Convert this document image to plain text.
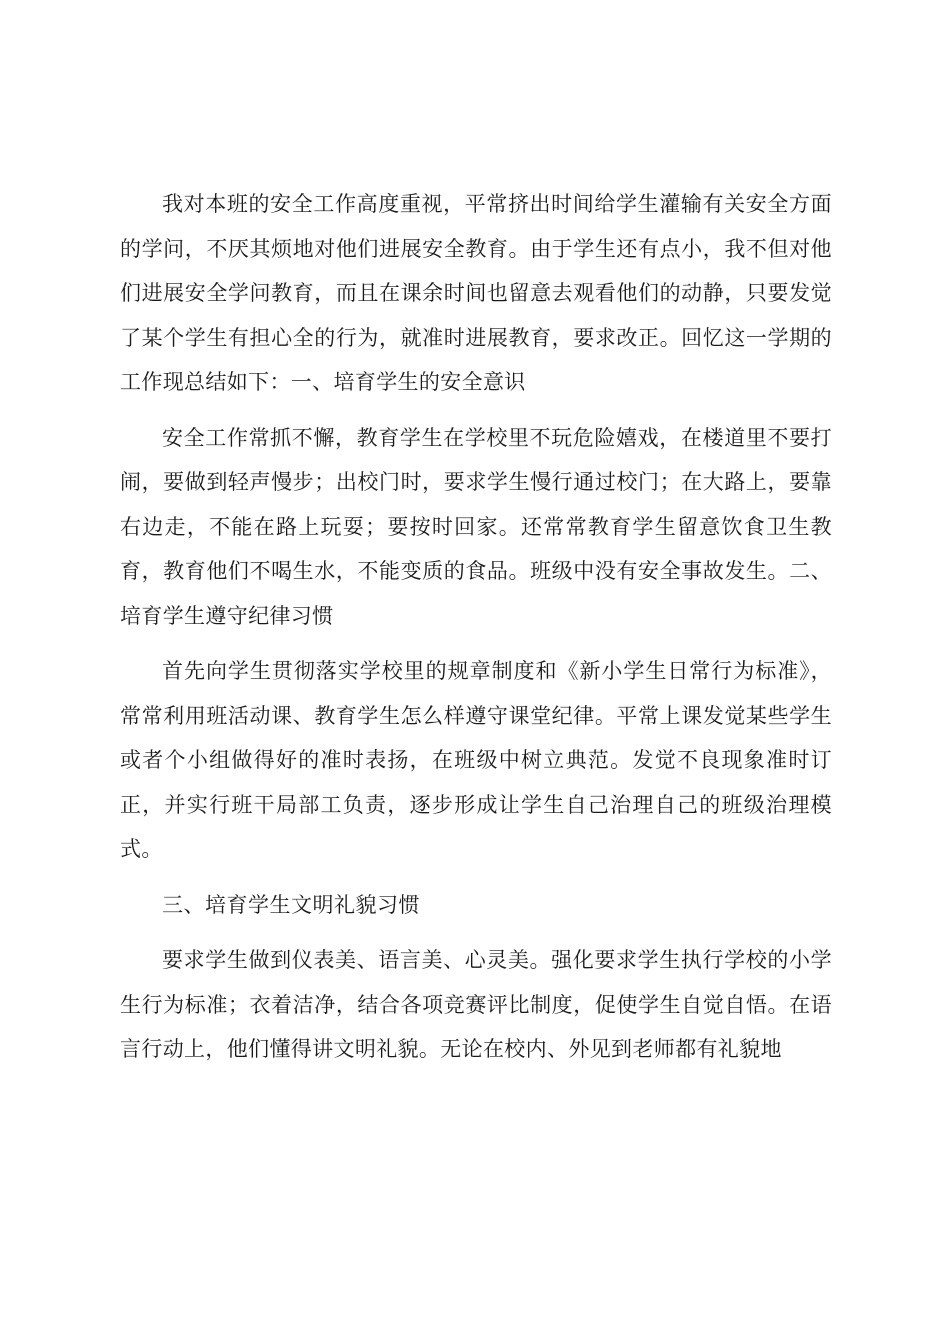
我对本班的安全工作高度重视，平常挤出时间给学生灌输有关安全方面的学问，不厌其烦地对他们进展安全教育。由于学生还有点小，我不但对他们进展安全学问教育，而且在课余时间也留意去观看他们的动静，只要发觉了某个学生有担心全的行为，就准时进展教育，要求改正。回忆这一学期的工作现总结如下：一、培育学生的安全意识

安全工作常抓不懈，教育学生在学校里不玩危险嬉戏，在楼道里不要打闹，要做到轻声慢步；出校门时，要求学生慢行通过校门；在大路上，要靠右边走，不能在路上玩耍；要按时回家。还常常教育学生留意饮食卫生教育，教育他们不喝生水，不能变质的食品。班级中没有安全事故发生。二、培育学生遵守纪律习惯

首先向学生贯彻落实学校里的规章制度和《新小学生日常行为标准》，常常利用班活动课、教育学生怎么样遵守课堂纪律。平常上课发觉某些学生或者个小组做得好的准时表扬，在班级中树立典范。发觉不良现象准时订正，并实行班干局部工负责，逐步形成让学生自己治理自己的班级治理模式。

三、培育学生文明礼貌习惯

要求学生做到仪表美、语言美、心灵美。强化要求学生执行学校的小学生行为标准；衣着洁净，结合各项竞赛评比制度，促使学生自觉自悟。在语言行动上，他们懂得讲文明礼貌。无论在校内、外见到老师都有礼貌地
